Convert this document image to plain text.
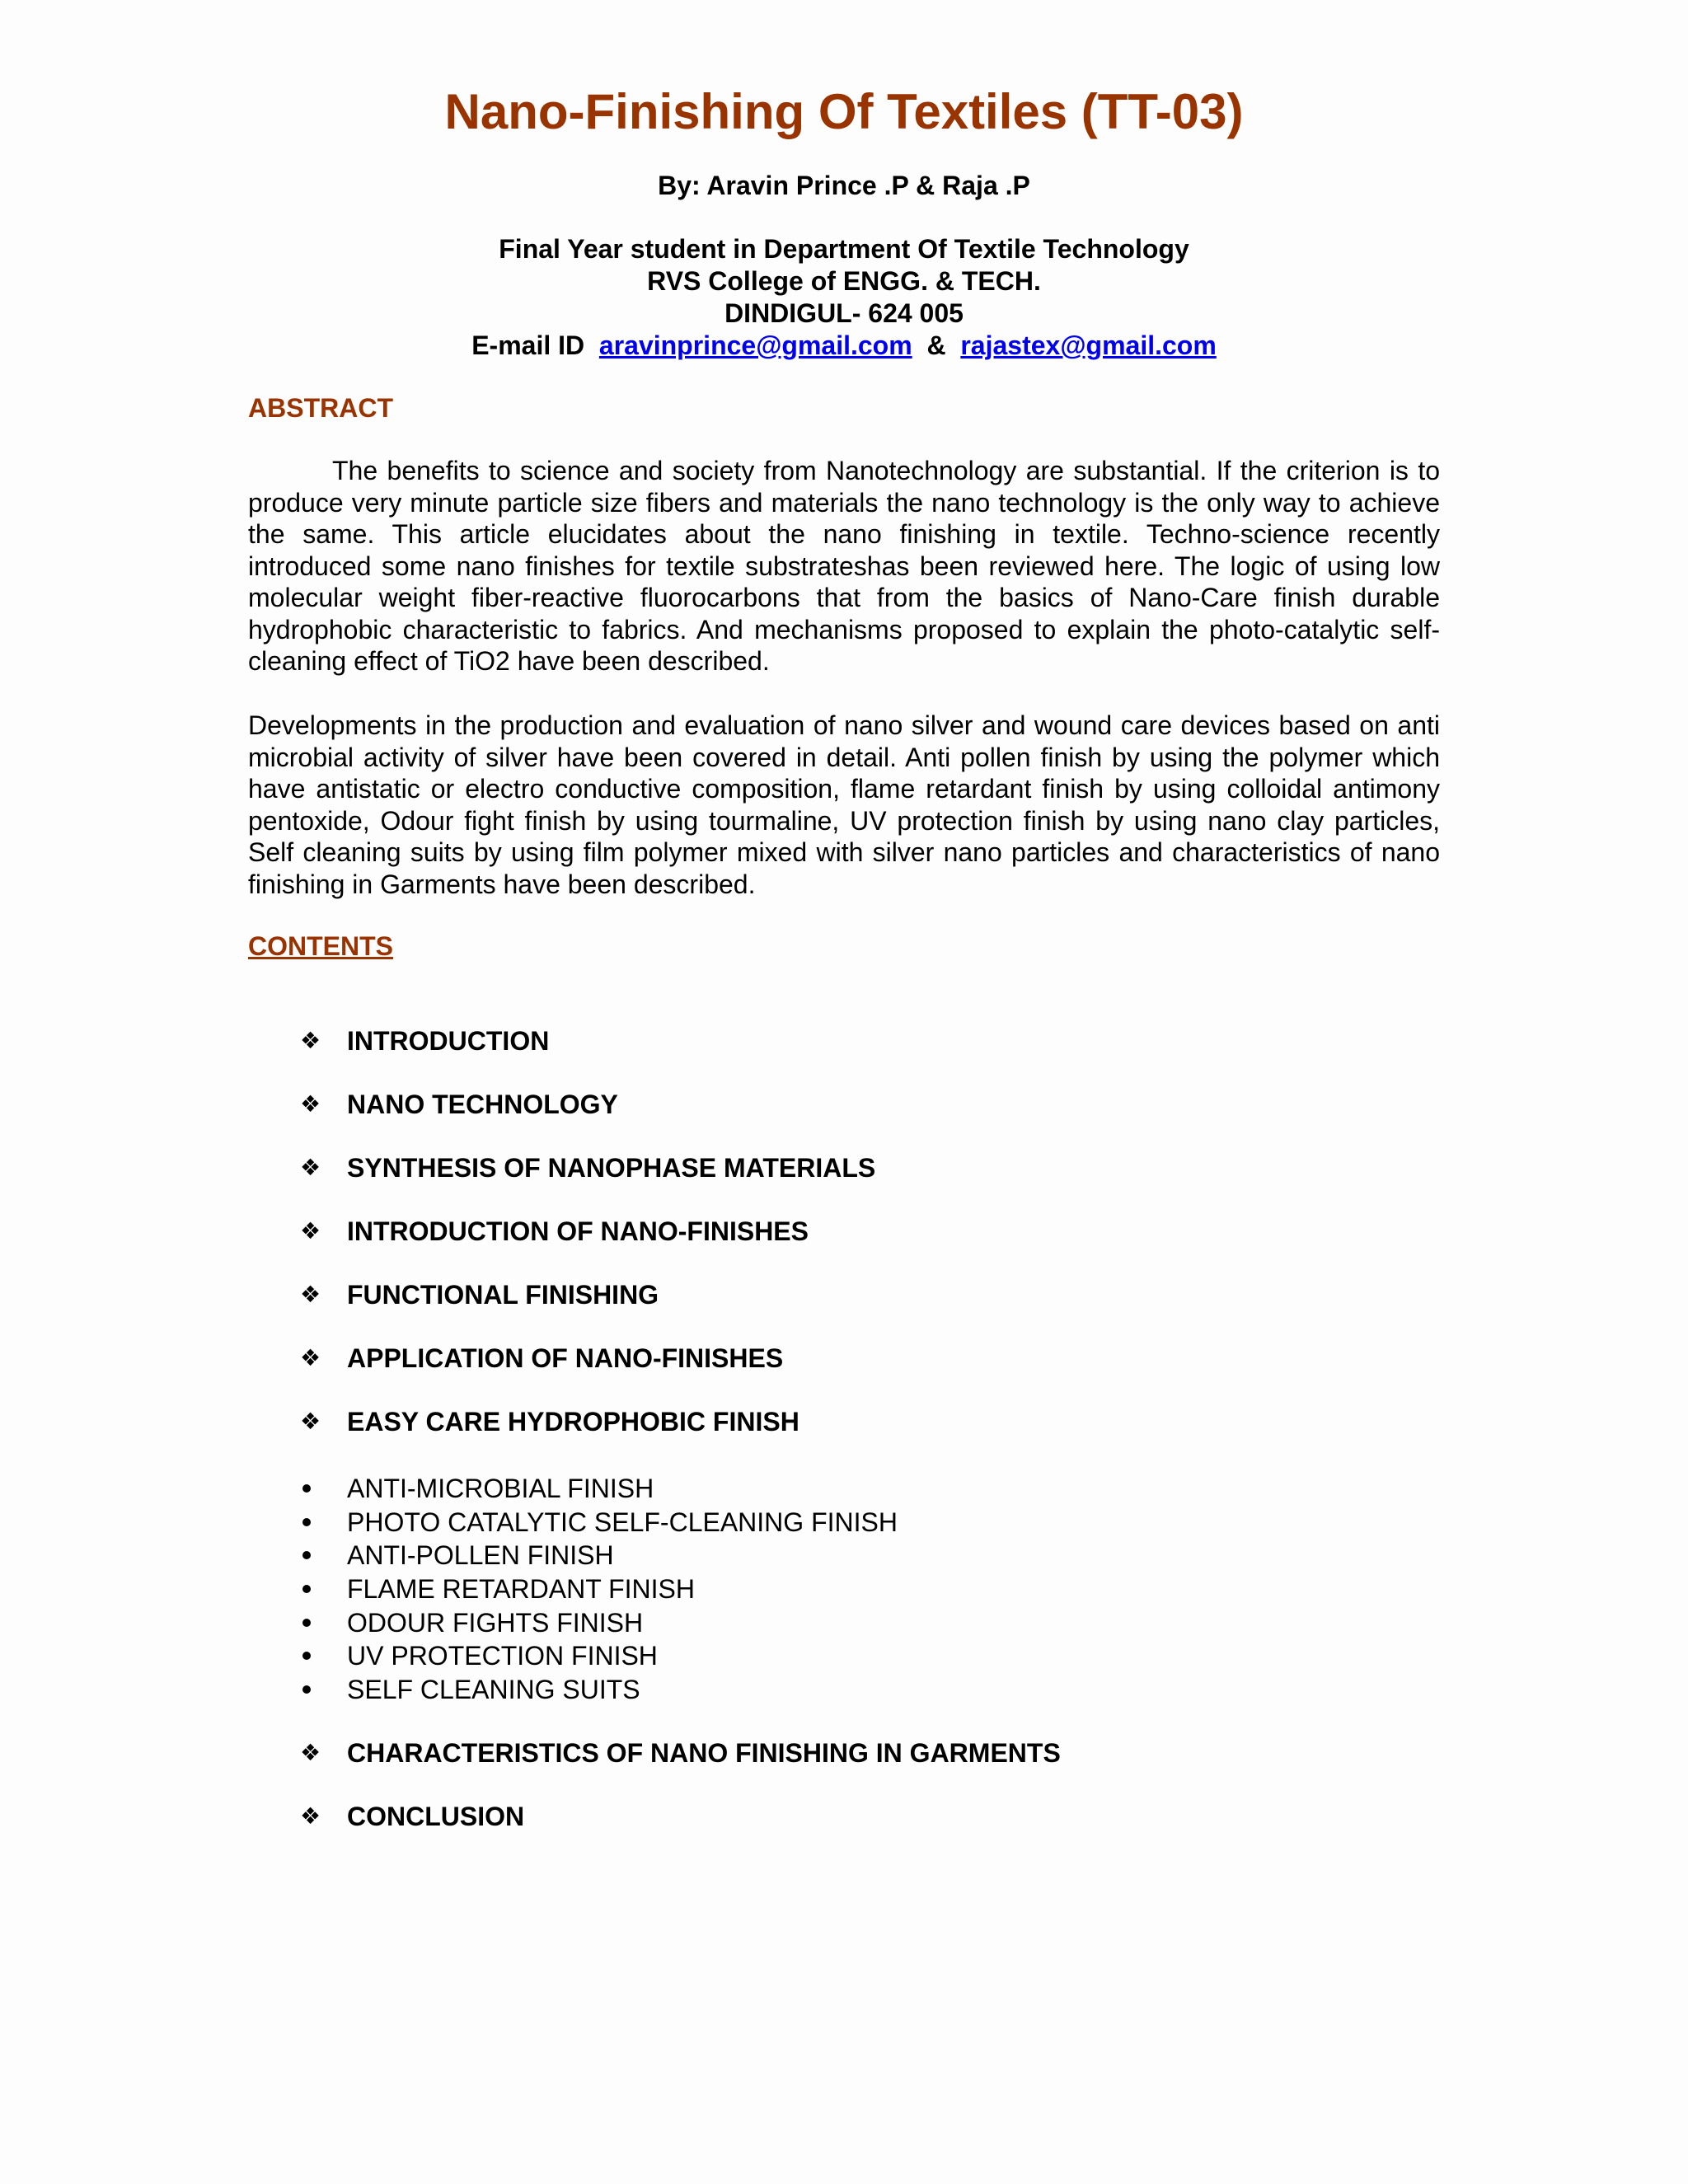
Nano-Finishing Of Textiles (TT-03)
By: Aravin Prince .P & Raja .P
Final Year student in Department Of Textile Technology
RVS College of ENGG. & TECH.
DINDIGUL- 624 005
E-mail ID aravinprince@gmail.com & rajastex@gmail.com
ABSTRACT

The benefits to science and society from Nanotechnology are substantial. If the criterion is to produce very minute particle size fibers and materials the nano technology is the only way to achieve the same. This article elucidates about the nano finishing in textile. Techno-science recently introduced some nano finishes for textile substrateshas been reviewed here. The logic of using low molecular weight fiber-reactive fluorocarbons that from the basics of Nano-Care finish durable hydrophobic characteristic to fabrics. And mechanisms proposed to explain the photo-catalytic self-cleaning effect of TiO2 have been described.

Developments in the production and evaluation of nano silver and wound care devices based on anti microbial activity of silver have been covered in detail. Anti pollen finish by using the polymer which have antistatic or electro conductive composition, flame retardant finish by using colloidal antimony pentoxide, Odour fight finish by using tourmaline, UV protection finish by using nano clay particles, Self cleaning suits by using film polymer mixed with silver nano particles and characteristics of nano finishing in Garments have been described.

CONTENTS
❖ INTRODUCTION
❖ NANO TECHNOLOGY
❖ SYNTHESIS OF NANOPHASE MATERIALS
❖ INTRODUCTION OF NANO-FINISHES
❖ FUNCTIONAL FINISHING
❖ APPLICATION OF NANO-FINISHES
❖ EASY CARE HYDROPHOBIC FINISH
ANTI-MICROBIAL FINISH
PHOTO CATALYTIC SELF-CLEANING FINISH
ANTI-POLLEN FINISH
FLAME RETARDANT FINISH
ODOUR FIGHTS FINISH
UV PROTECTION FINISH
SELF CLEANING SUITS
❖ CHARACTERISTICS OF NANO FINISHING IN GARMENTS
❖ CONCLUSION
